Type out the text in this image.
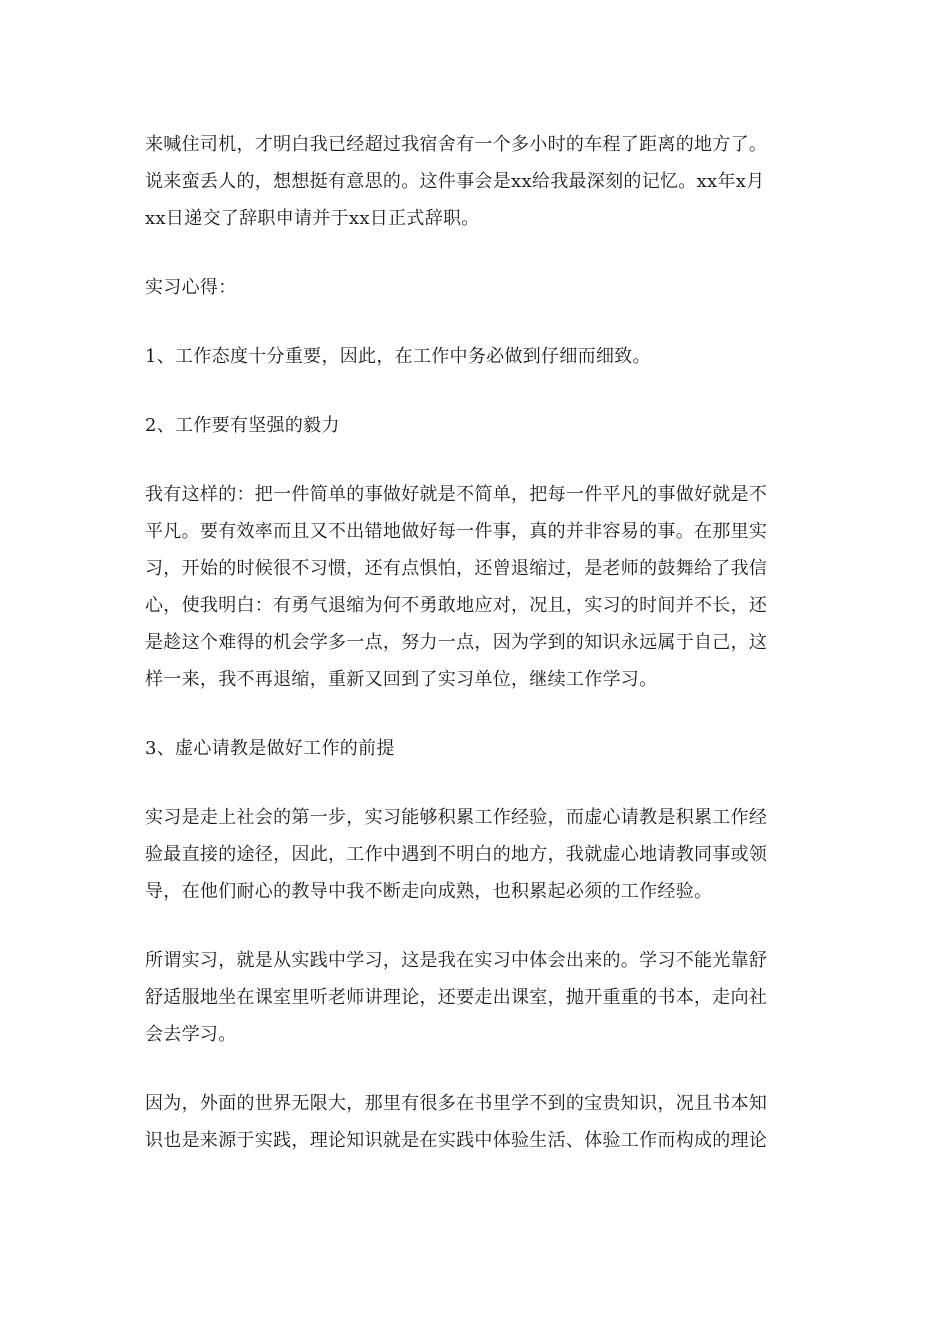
来喊住司机，才明白我已经超过我宿舍有一个多小时的车程了距离的地方了。
说来蛮丢人的，想想挺有意思的。这件事会是xx给我最深刻的记忆。xx年x月
xx日递交了辞职申请并于xx日正式辞职。

实习心得：

1、工作态度十分重要，因此，在工作中务必做到仔细而细致。

2、工作要有坚强的毅力

我有这样的：把一件简单的事做好就是不简单，把每一件平凡的事做好就是不
平凡。要有效率而且又不出错地做好每一件事，真的并非容易的事。在那里实
习，开始的时候很不习惯，还有点惧怕，还曾退缩过，是老师的鼓舞给了我信
心，使我明白：有勇气退缩为何不勇敢地应对，况且，实习的时间并不长，还
是趁这个难得的机会学多一点，努力一点，因为学到的知识永远属于自己，这
样一来，我不再退缩，重新又回到了实习单位，继续工作学习。

3、虚心请教是做好工作的前提

实习是走上社会的第一步，实习能够积累工作经验，而虚心请教是积累工作经
验最直接的途径，因此，工作中遇到不明白的地方，我就虚心地请教同事或领
导，在他们耐心的教导中我不断走向成熟，也积累起必须的工作经验。

所谓实习，就是从实践中学习，这是我在实习中体会出来的。学习不能光靠舒
舒适服地坐在课室里听老师讲理论，还要走出课室，抛开重重的书本，走向社
会去学习。

因为，外面的世界无限大，那里有很多在书里学不到的宝贵知识，况且书本知
识也是来源于实践，理论知识就是在实践中体验生活、体验工作而构成的理论
